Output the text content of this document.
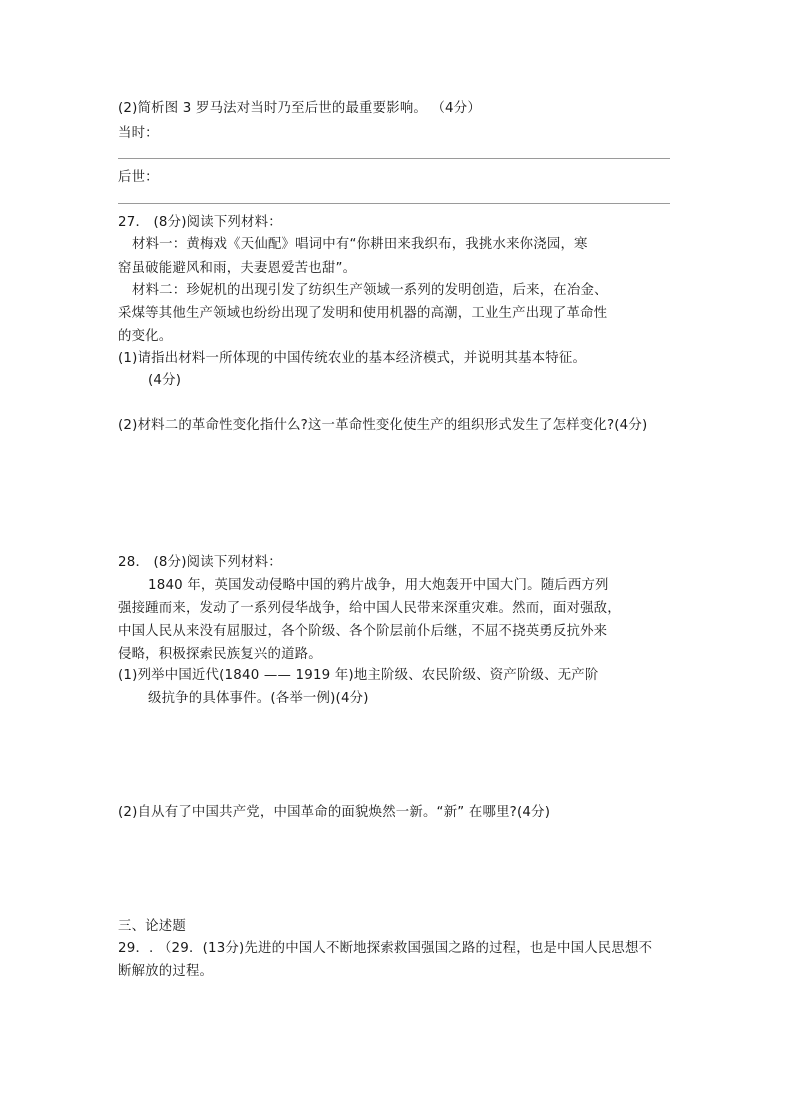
(2)简析图 3 罗马法对当时乃至后世的最重要影响。 （4分）
当时：
后世：
27． (8分)阅读下列材料：
材料一：黄梅戏《天仙配》唱词中有“你耕田来我织布，我挑水来你浇园，寒
窑虽破能避风和雨，夫妻恩爱苦也甜”。
材料二：珍妮机的出现引发了纺织生产领域一系列的发明创造，后来，在冶金、
采煤等其他生产领域也纷纷出现了发明和使用机器的高潮，工业生产出现了革命性
的变化。
(1)请指出材料一所体现的中国传统农业的基本经济模式，并说明其基本特征。
(4分)
(2)材料二的革命性变化指什么?这一革命性变化使生产的组织形式发生了怎样变化?(4分)
28． (8分)阅读下列材料：
1840 年，英国发动侵略中国的鸦片战争，用大炮轰开中国大门。随后西方列
强接踵而来，发动了一系列侵华战争，给中国人民带来深重灾难。然而，面对强敌，
中国人民从来没有屈服过，各个阶级、各个阶层前仆后继，不屈不挠英勇反抗外来
侵略，积极探索民族复兴的道路。
(1)列举中国近代(1840 —— 1919 年)地主阶级、农民阶级、资产阶级、无产阶
级抗争的具体事件。(各举一例)(4分)
(2)自从有了中国共产党，中国革命的面貌焕然一新。“新” 在哪里?(4分)
三、论述题
29．. （29．(13分)先进的中国人不断地探索救国强国之路的过程，也是中国人民思想不
断解放的过程。
